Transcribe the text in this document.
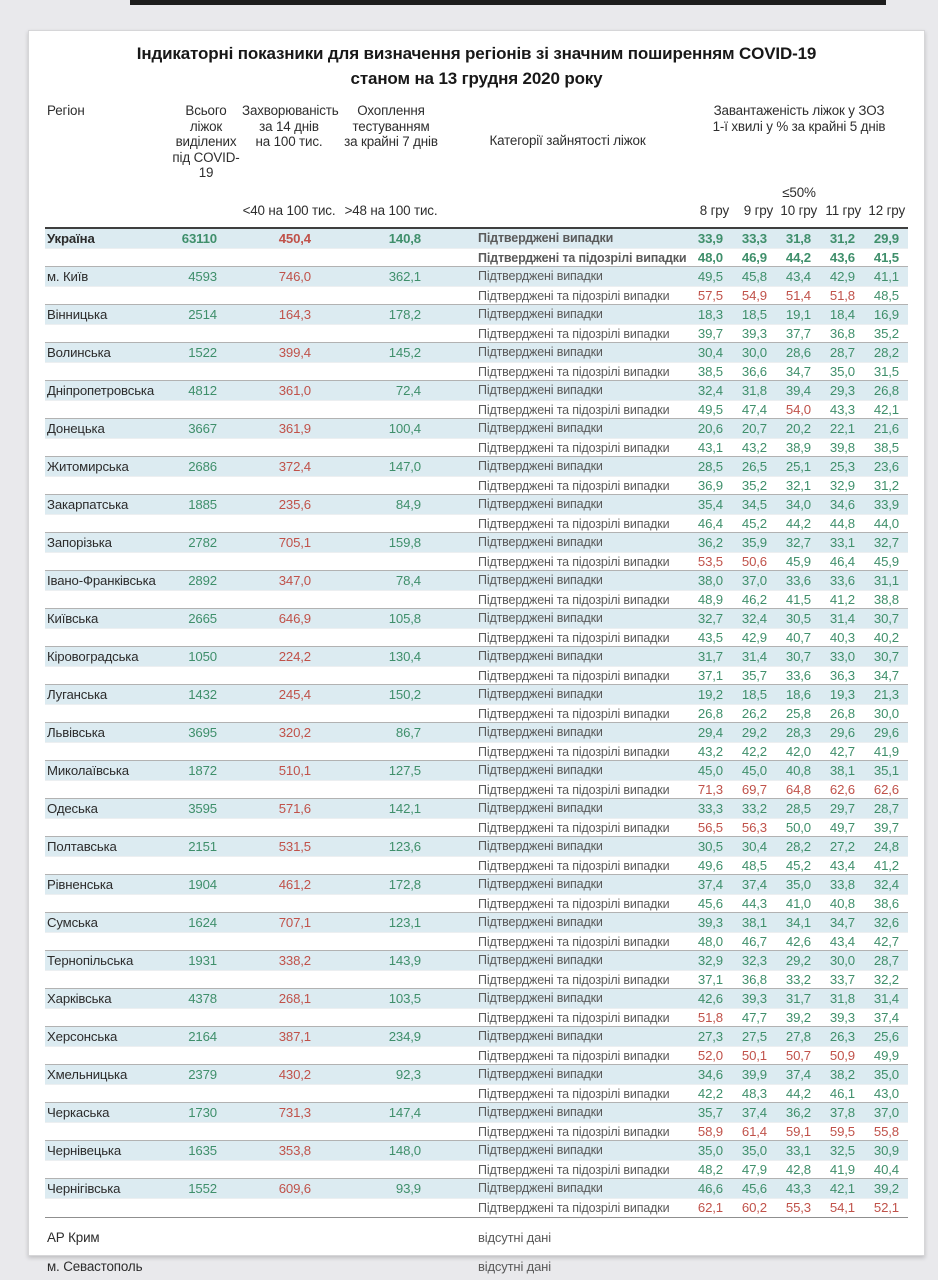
Індикаторні показники для визначення регіонів зі значним поширенням COVID-19
станом на 13 грудня 2020 року
Регіон	Всього ліжок
виділених
під COVID-19
Захворюваність
за 14 днів
на 100 тис.
Охоплення
тестуванням
за крайні 7 днів	Категорії зайнятості ліжок
Завантаженість ліжок у ЗОЗ
1-ї хвилі у % за крайні 5 днів
≤50%
<40 на 100 тис. >48 на 100 тис.	8 гру	9 гру 10 гру 11 гру 12 гру
Україна	63110	450,4	140,8	Підтверджені випадки	33,9	33,3	31,8	31,2	29,9
Підтверджені та підозрілі випадки 48,0	46,9	44,2	43,6	41,5
м. Київ	4593	746,0	362,1	Підтверджені випадки	49,5	45,8	43,4	42,9	41,1
Підтверджені та підозрілі випадки	57,5	54,9	51,4	51,8	48,5
Вінницька	2514	164,3	178,2	Підтверджені випадки	18,3	18,5	19,1	18,4	16,9
Підтверджені та підозрілі випадки	39,7	39,3	37,7	36,8	35,2
Волинська	1522	399,4	145,2	Підтверджені випадки	30,4	30,0	28,6	28,7	28,2
Підтверджені та підозрілі випадки	38,5	36,6	34,7	35,0	31,5
Дніпропетровська	4812	361,0	72,4	Підтверджені випадки	32,4	31,8	39,4	29,3	26,8
Підтверджені та підозрілі випадки	49,5	47,4	54,0	43,3	42,1
Донецька	3667	361,9	100,4	Підтверджені випадки	20,6	20,7	20,2	22,1	21,6
Підтверджені та підозрілі випадки	43,1	43,2	38,9	39,8	38,5
Житомирська	2686	372,4	147,0	Підтверджені випадки	28,5	26,5	25,1	25,3	23,6
Підтверджені та підозрілі випадки	36,9	35,2	32,1	32,9	31,2
Закарпатська	1885	235,6	84,9	Підтверджені випадки	35,4	34,5	34,0	34,6	33,9
Підтверджені та підозрілі випадки	46,4	45,2	44,2	44,8	44,0
Запорізька	2782	705,1	159,8	Підтверджені випадки	36,2	35,9	32,7	33,1	32,7
Підтверджені та підозрілі випадки	53,5	50,6	45,9	46,4	45,9
Івано-Франківська	2892	347,0	78,4	Підтверджені випадки	38,0	37,0	33,6	33,6	31,1
Підтверджені та підозрілі випадки	48,9	46,2	41,5	41,2	38,8
Київська	2665	646,9	105,8	Підтверджені випадки	32,7	32,4	30,5	31,4	30,7
Підтверджені та підозрілі випадки	43,5	42,9	40,7	40,3	40,2
Кіровоградська	1050	224,2	130,4	Підтверджені випадки	31,7	31,4	30,7	33,0	30,7
Підтверджені та підозрілі випадки	37,1	35,7	33,6	36,3	34,7
Луганська	1432	245,4	150,2	Підтверджені випадки	19,2	18,5	18,6	19,3	21,3
Підтверджені та підозрілі випадки	26,8	26,2	25,8	26,8	30,0
Львівська	3695	320,2	86,7	Підтверджені випадки	29,4	29,2	28,3	29,6	29,6
Підтверджені та підозрілі випадки	43,2	42,2	42,0	42,7	41,9
Миколаївська	1872	510,1	127,5	Підтверджені випадки	45,0	45,0	40,8	38,1	35,1
Підтверджені та підозрілі випадки	71,3	69,7	64,8	62,6	62,6
Одеська	3595	571,6	142,1	Підтверджені випадки	33,3	33,2	28,5	29,7	28,7
Підтверджені та підозрілі випадки	56,5	56,3	50,0	49,7	39,7
Полтавська	2151	531,5	123,6	Підтверджені випадки	30,5	30,4	28,2	27,2	24,8
Підтверджені та підозрілі випадки	49,6	48,5	45,2	43,4	41,2
Рівненська	1904	461,2	172,8	Підтверджені випадки	37,4	37,4	35,0	33,8	32,4
Підтверджені та підозрілі випадки	45,6	44,3	41,0	40,8	38,6
Сумська	1624	707,1	123,1	Підтверджені випадки	39,3	38,1	34,1	34,7	32,6
Підтверджені та підозрілі випадки	48,0	46,7	42,6	43,4	42,7
Тернопільська	1931	338,2	143,9	Підтверджені випадки	32,9	32,3	29,2	30,0	28,7
Підтверджені та підозрілі випадки	37,1	36,8	33,2	33,7	32,2
Харківська	4378	268,1	103,5	Підтверджені випадки	42,6	39,3	31,7	31,8	31,4
Підтверджені та підозрілі випадки	51,8	47,7	39,2	39,3	37,4
Херсонська	2164	387,1	234,9	Підтверджені випадки	27,3	27,5	27,8	26,3	25,6
Підтверджені та підозрілі випадки	52,0	50,1	50,7	50,9	49,9
Хмельницька	2379	430,2	92,3	Підтверджені випадки	34,6	39,9	37,4	38,2	35,0
Підтверджені та підозрілі випадки	42,2	48,3	44,2	46,1	43,0
Черкаська	1730	731,3	147,4	Підтверджені випадки	35,7	37,4	36,2	37,8	37,0
Підтверджені та підозрілі випадки	58,9	61,4	59,1	59,5	55,8
Чернівецька	1635	353,8	148,0	Підтверджені випадки	35,0	35,0	33,1	32,5	30,9
Підтверджені та підозрілі випадки	48,2	47,9	42,8	41,9	40,4
Чернігівська	1552	609,6	93,9	Підтверджені випадки	46,6	45,6	43,3	42,1	39,2
Підтверджені та підозрілі випадки	62,1	60,2	55,3	54,1	52,1
АР Крим	відсутні дані
м. Севастополь	відсутні дані
